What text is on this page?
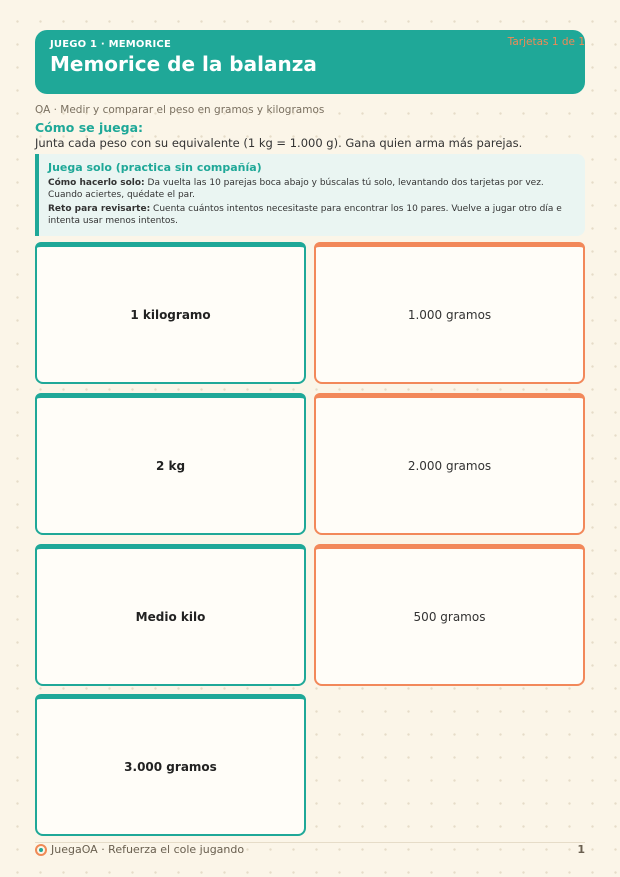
JUEGO 1 · MEMORICE
Memorice de la balanza
Tarjetas 1 de 1
OA · Medir y comparar el peso en gramos y kilogramos
Cómo se juega:
Junta cada peso con su equivalente (1 kg = 1.000 g). Gana quien arma más parejas.
Juega solo (practica sin compañía)

Cómo hacerlo solo: Da vuelta las 10 parejas boca abajo y búscalas tú solo, levantando dos tarjetas por vez. Cuando aciertes, quédate el par.

Reto para revisarte: Cuenta cuántos intentos necesitaste para encontrar los 10 pares. Vuelve a jugar otro día e intenta usar menos intentos.

1 kilogramo	1.000 gramos
2 kg	2.000 gramos
Medio kilo	500 gramos
3.000 gramos
JuegaOA · Refuerza el cole jugando	1
